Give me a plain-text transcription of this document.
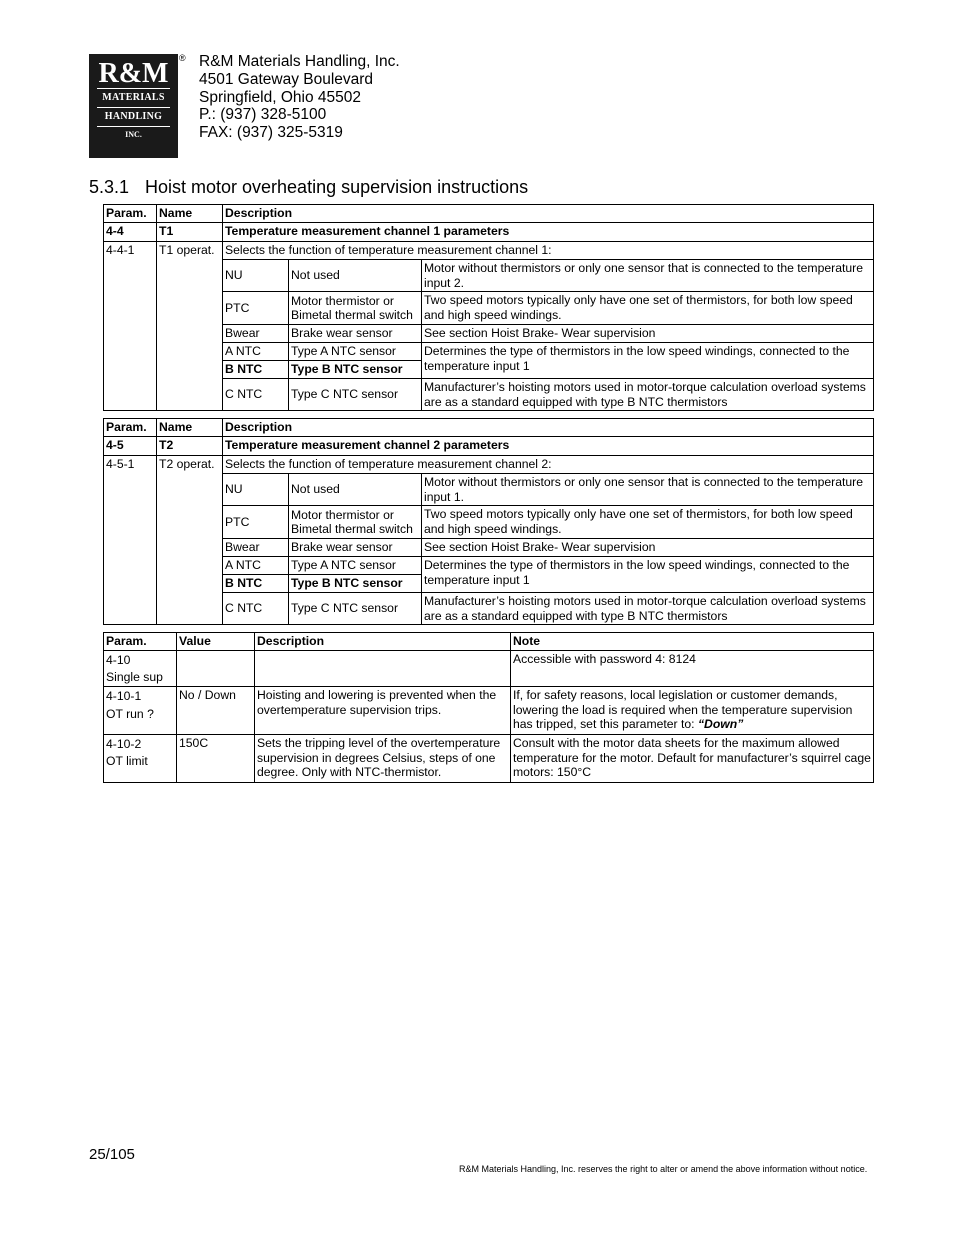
R&M
MATERIALS
HANDLING
INC.
® R&M Materials Handling, Inc.
4501 Gateway Boulevard
Springfield, Ohio 45502
P.: (937) 328-5100
FAX: (937) 325-5319
5.3.1 Hoist motor overheating supervision instructions
Param.	Name	Description		
4-4	T1	Temperature measurement channel 1 parameters		
4-4-1	T1 operat.	Selects the function of temperature measurement channel 1:		
		NU	Not used	Motor without thermistors or only one sensor that is connected to the temperature input 2.
		PTC	Motor thermistor or Bimetal thermal switch	Two speed motors typically only have one set of thermistors, for both low speed and high speed windings.
		Bwear	Brake wear sensor	See section Hoist Brake- Wear supervision
		A NTC	Type A NTC sensor	Determines the type of thermistors in the low speed windings, connected to the temperature input 1
		B NTC	Type B NTC sensor	
		C NTC	Type C NTC sensor	Manufacturer’s hoisting motors used in motor-torque calculation overload systems are as a standard equipped with type B NTC thermistors
Param.	Name	Description		
4-5	T2	Temperature measurement channel 2 parameters		
4-5-1	T2 operat.	Selects the function of temperature measurement channel 2:		
		NU	Not used	Motor without thermistors or only one sensor that is connected to the temperature input 1.
		PTC	Motor thermistor or Bimetal thermal switch	Two speed motors typically only have one set of thermistors, for both low speed and high speed windings.
		Bwear	Brake wear sensor	See section Hoist Brake- Wear supervision
		A NTC	Type A NTC sensor	Determines the type of thermistors in the low speed windings, connected to the temperature input 1
		B NTC	Type B NTC sensor	
		C NTC	Type C NTC sensor	Manufacturer’s hoisting motors used in motor-torque calculation overload systems are as a standard equipped with type B NTC thermistors
Param.	Value	Description	Note
4-10
Single sup			Accessible with password 4: 8124
4-10-1
OT run ?	No / Down	Hoisting and lowering is prevented when the overtemperature supervision trips.	If, for safety reasons, local legislation or customer demands, lowering the load is required when the temperature supervision has tripped, set this parameter to: “Down”
4-10-2
OT limit	150C	Sets the tripping level of the overtemperature supervision in degrees Celsius, steps of one degree. Only with NTC-thermistor.	Consult with the motor data sheets for the maximum allowed temperature for the motor. Default for manufacturer’s squirrel cage motors: 150°C
25/105
R&M Materials Handling, Inc. reserves the right to alter or amend the above information without notice.
